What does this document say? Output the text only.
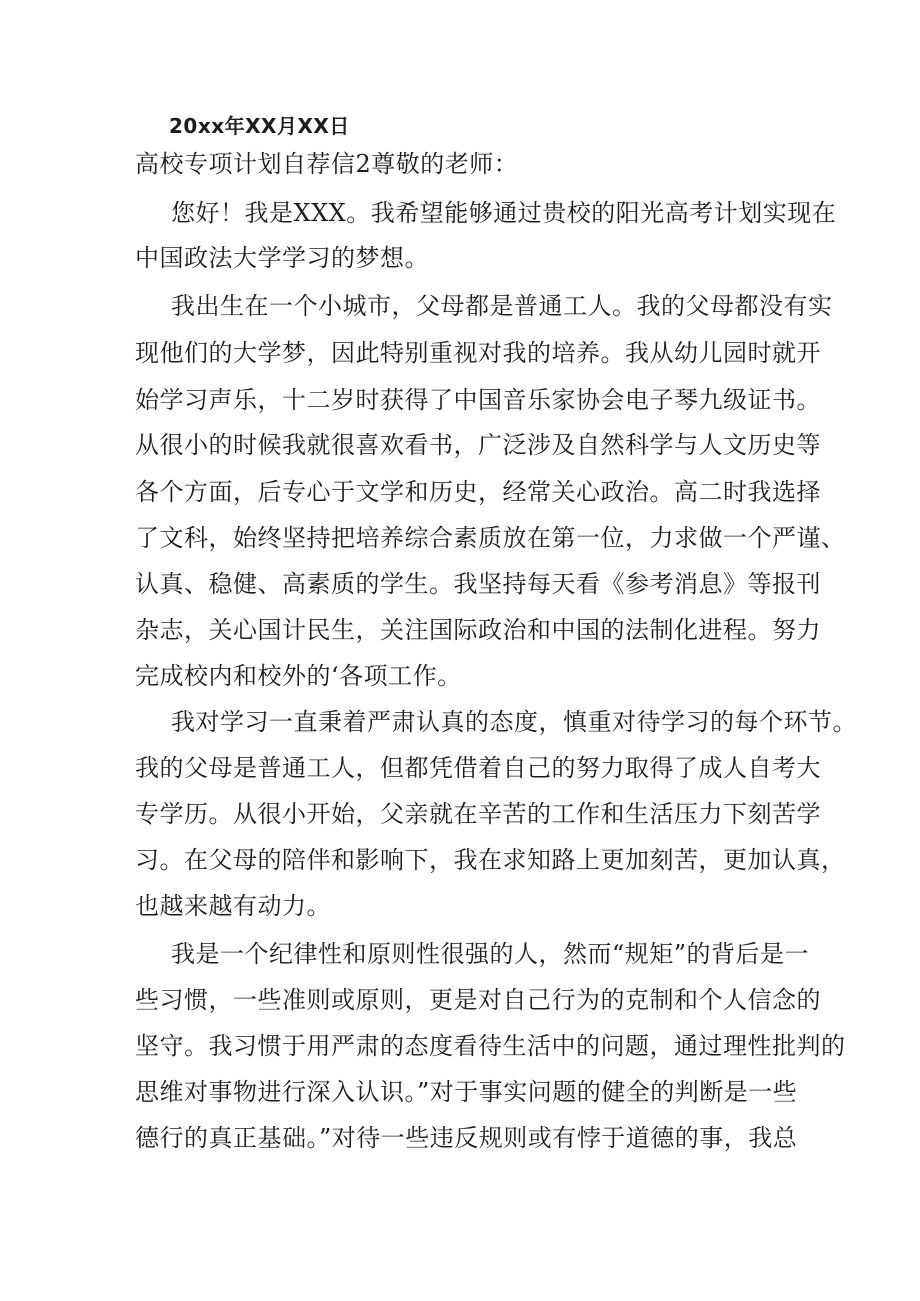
20xx年XX月XX日
高校专项计划自荐信2尊敬的老师：
您好！我是XXX。我希望能够通过贵校的阳光高考计划实现在
中国政法大学学习的梦想。
我出生在一个小城市，父母都是普通工人。我的父母都没有实
现他们的大学梦，因此特别重视对我的培养。我从幼儿园时就开
始学习声乐，十二岁时获得了中国音乐家协会电子琴九级证书。
从很小的时候我就很喜欢看书，广泛涉及自然科学与人文历史等
各个方面，后专心于文学和历史，经常关心政治。高二时我选择
了文科，始终坚持把培养综合素质放在第一位，力求做一个严谨、
认真、稳健、高素质的学生。我坚持每天看《参考消息》等报刊
杂志，关心国计民生，关注国际政治和中国的法制化进程。努力
完成校内和校外的‘各项工作。
我对学习一直秉着严肃认真的态度，慎重对待学习的每个环节。
我的父母是普通工人，但都凭借着自己的努力取得了成人自考大
专学历。从很小开始，父亲就在辛苦的工作和生活压力下刻苦学
习。在父母的陪伴和影响下，我在求知路上更加刻苦，更加认真，
也越来越有动力。
我是一个纪律性和原则性很强的人，然而“规矩”的背后是一
些习惯，一些准则或原则，更是对自己行为的克制和个人信念的
坚守。我习惯于用严肃的态度看待生活中的问题，通过理性批判的
思维对事物进行深入认识。”对于事实问题的健全的判断是一些
德行的真正基础。”对待一些违反规则或有悖于道德的事，我总
